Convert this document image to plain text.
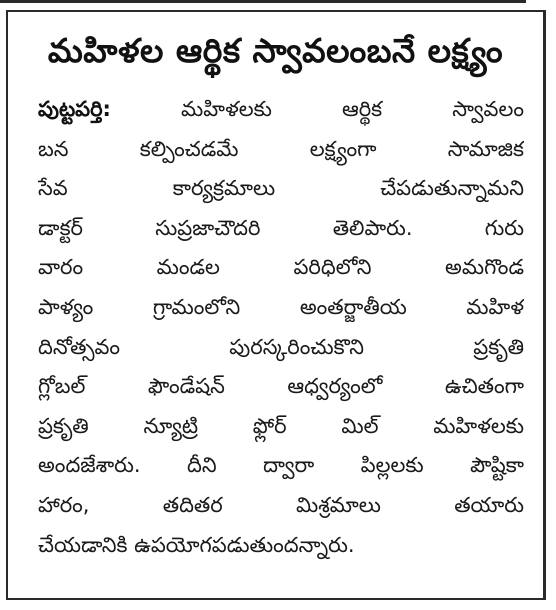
మహిళల ఆర్థిక స్వావలంబనే లక్ష్యం
పుట్టపర్తి: మహిళలకు ఆర్థిక స్వావలం
బన కల్పించడమే లక్ష్యంగా సామాజిక
సేవ కార్యక్రమాలు చేపడుతున్నామని
డాక్టర్ సుప్రజాచౌదరి తెలిపారు. గురు
వారం మండల పరిధిలోని అమగొండ
పాళ్యం గ్రామంలోని అంతర్జాతీయ మహిళ
దినోత్సవం పురస్కరించుకొని ప్రకృతి
గ్లోబల్ ఫౌండేషన్ ఆధ్వర్యంలో ఉచితంగా
ప్రకృతి న్యూట్రి ఫ్లోర్ మిల్ మహిళలకు
అందజేశారు. దీని ద్వారా పిల్లలకు పౌష్టికా
హారం, తదితర మిశ్రమాలు తయారు
చేయడానికి ఉపయోగపడుతుందన్నారు.
